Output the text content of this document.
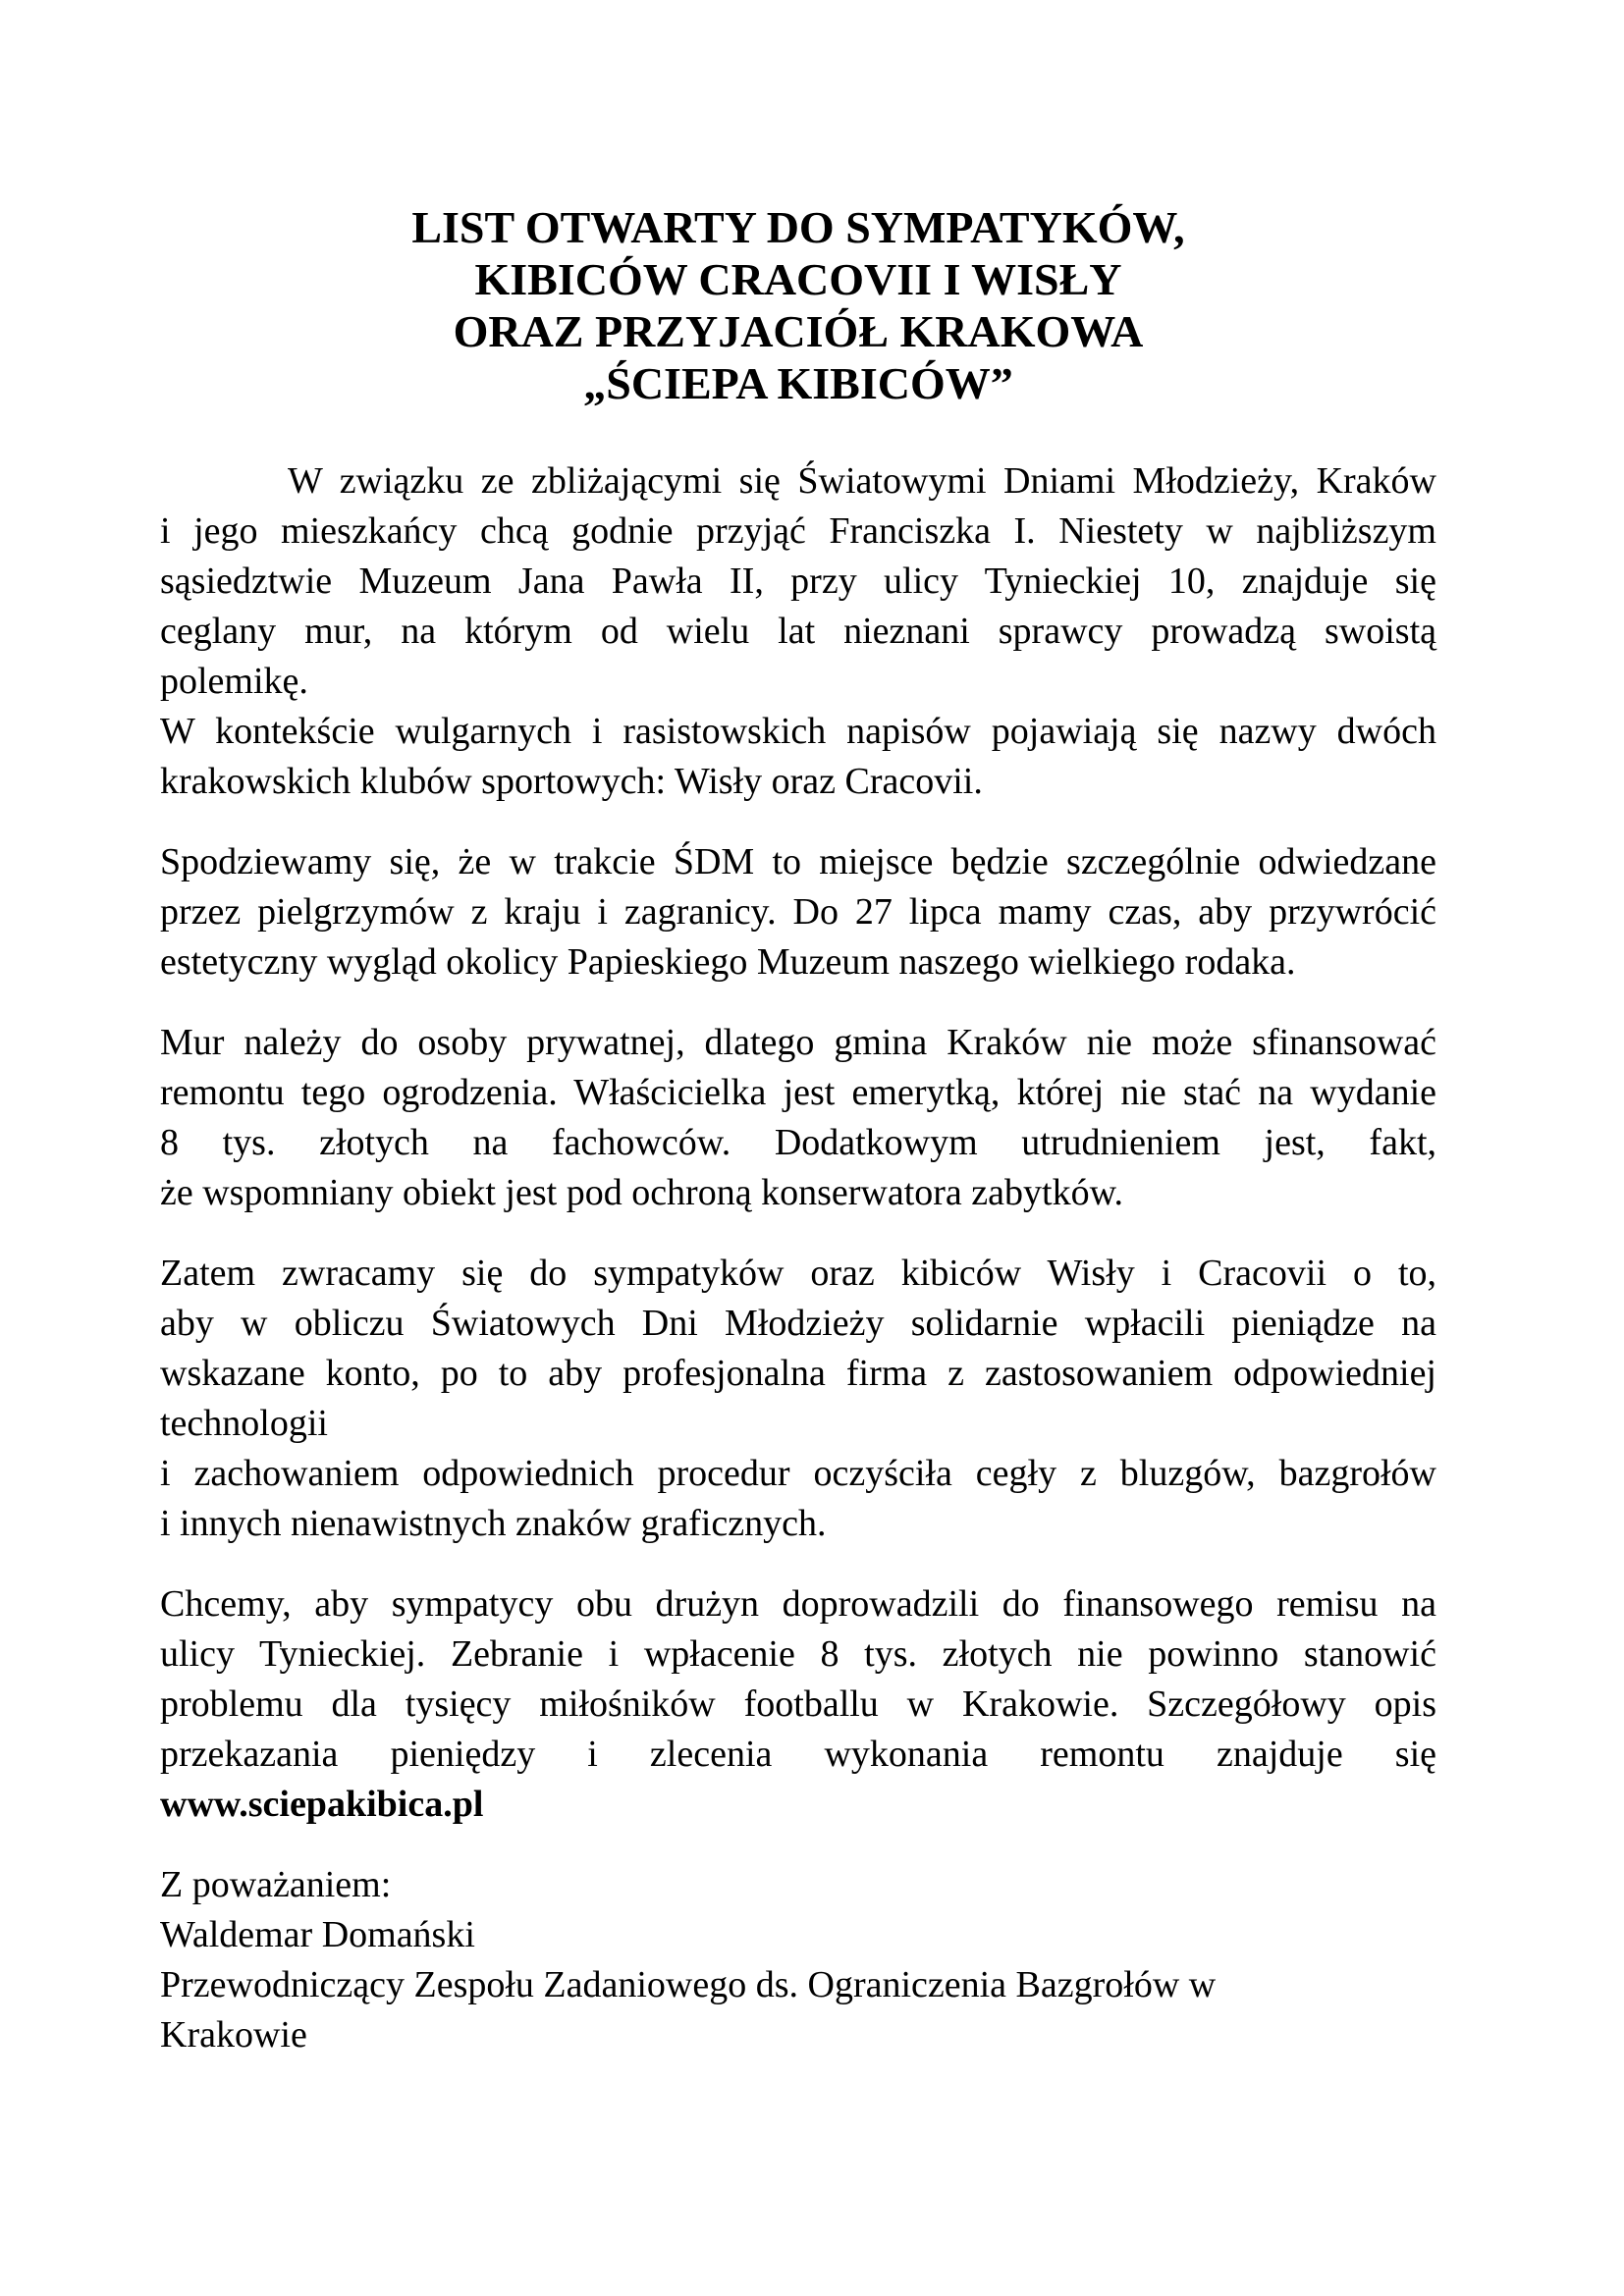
LIST OTWARTY DO SYMPATYKÓW,
KIBICÓW CRACOVII I WISŁY
ORAZ PRZYJACIÓŁ KRAKOWA
„ŚCIEPA KIBICÓW”

W związku ze zbliżającymi się Światowymi Dniami Młodzieży, Kraków
i jego mieszkańcy chcą godnie przyjąć Franciszka I. Niestety w najbliższym
sąsiedztwie Muzeum Jana Pawła II, przy ulicy Tynieckiej 10, znajduje się
ceglany mur, na którym od wielu lat nieznani sprawcy prowadzą swoistą
polemikę.

W kontekście wulgarnych i rasistowskich napisów pojawiają się nazwy dwóch
krakowskich klubów sportowych: Wisły oraz Cracovii.

Spodziewamy się, że w trakcie ŚDM to miejsce będzie szczególnie odwiedzane
przez pielgrzymów z kraju i zagranicy. Do 27 lipca mamy czas, aby przywrócić
estetyczny wygląd okolicy Papieskiego Muzeum naszego wielkiego rodaka.

Mur należy do osoby prywatnej, dlatego gmina Kraków nie może sfinansować
remontu tego ogrodzenia. Właścicielka jest emerytką, której nie stać na wydanie
8 tys. złotych na fachowców. Dodatkowym utrudnieniem jest, fakt,
że wspomniany obiekt jest pod ochroną konserwatora zabytków.

Zatem zwracamy się do sympatyków oraz kibiców Wisły i Cracovii o to,
aby w obliczu Światowych Dni Młodzieży solidarnie wpłacili pieniądze na
wskazane konto, po to aby profesjonalna firma z zastosowaniem odpowiedniej
technologii
i zachowaniem odpowiednich procedur oczyściła cegły z bluzgów, bazgrołów
i innych nienawistnych znaków graficznych.

Chcemy, aby sympatycy obu drużyn doprowadzili do finansowego remisu na
ulicy Tynieckiej. Zebranie i wpłacenie 8 tys. złotych nie powinno stanowić
problemu dla tysięcy miłośników footballu w Krakowie. Szczegółowy opis
przekazania pieniędzy i zlecenia wykonania remontu znajduje się
www.sciepakibica.pl

Z poważaniem:
Waldemar Domański
Przewodniczący Zespołu Zadaniowego ds. Ograniczenia Bazgrołów w
Krakowie
